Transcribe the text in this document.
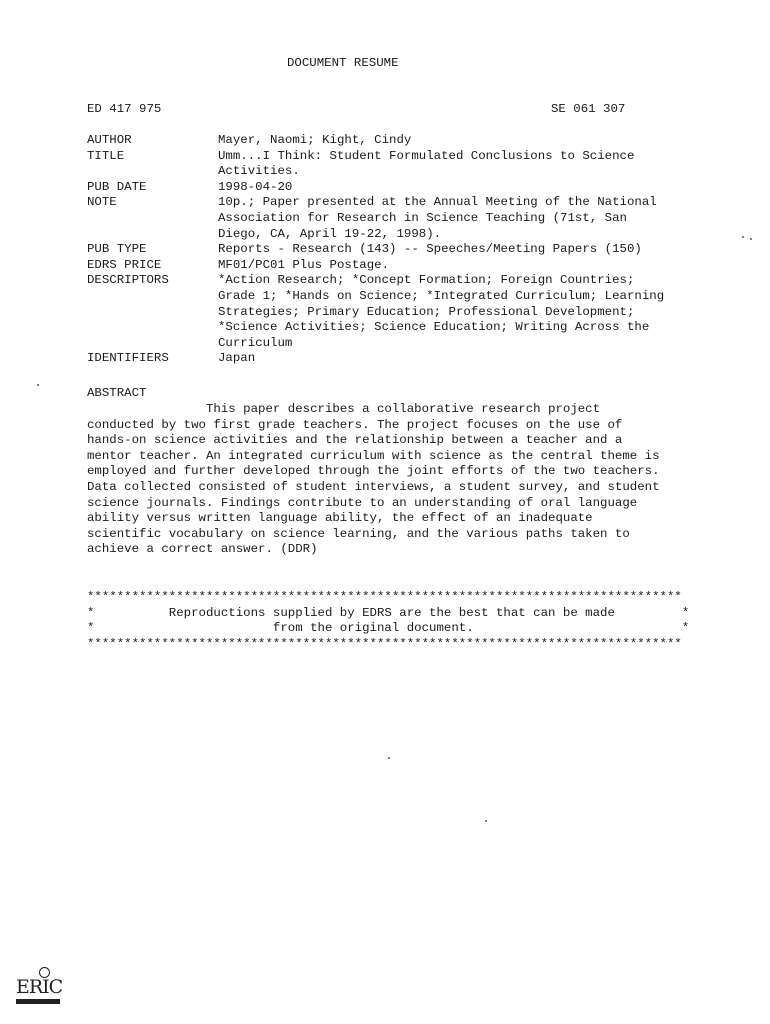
DOCUMENT RESUME
ED 417 975	SE 061 307
AUTHOR	Mayer, Naomi; Kight, Cindy
TITLE	Umm...I Think: Student Formulated Conclusions to Science
Activities.
PUB DATE	1998-04-20
NOTE	10p.; Paper presented at the Annual Meeting of the National
Association for Research in Science Teaching (71st, San
Diego, CA, April 19-22, 1998).
PUB TYPE	Reports - Research (143) -- Speeches/Meeting Papers (150)
EDRS PRICE	MF01/PC01 Plus Postage.
DESCRIPTORS	*Action Research; *Concept Formation; Foreign Countries;
Grade 1; *Hands on Science; *Integrated Curriculum; Learning
Strategies; Primary Education; Professional Development;
*Science Activities; Science Education; Writing Across the
Curriculum
IDENTIFIERS	Japan
ABSTRACT
This paper describes a collaborative research project
conducted by two first grade teachers. The project focuses on the use of
hands-on science activities and the relationship between a teacher and a
mentor teacher. An integrated curriculum with science as the central theme is
employed and further developed through the joint efforts of the two teachers.
Data collected consisted of student interviews, a student survey, and student
science journals. Findings contribute to an understanding of oral language
ability versus written language ability, the effect of an inadequate
scientific vocabulary on science learning, and the various paths taken to
achieve a correct answer. (DDR)
********************************************************************************
*          Reproductions supplied by EDRS are the best that can be made         *
*                        from the original document.                            *
********************************************************************************
ERIC
